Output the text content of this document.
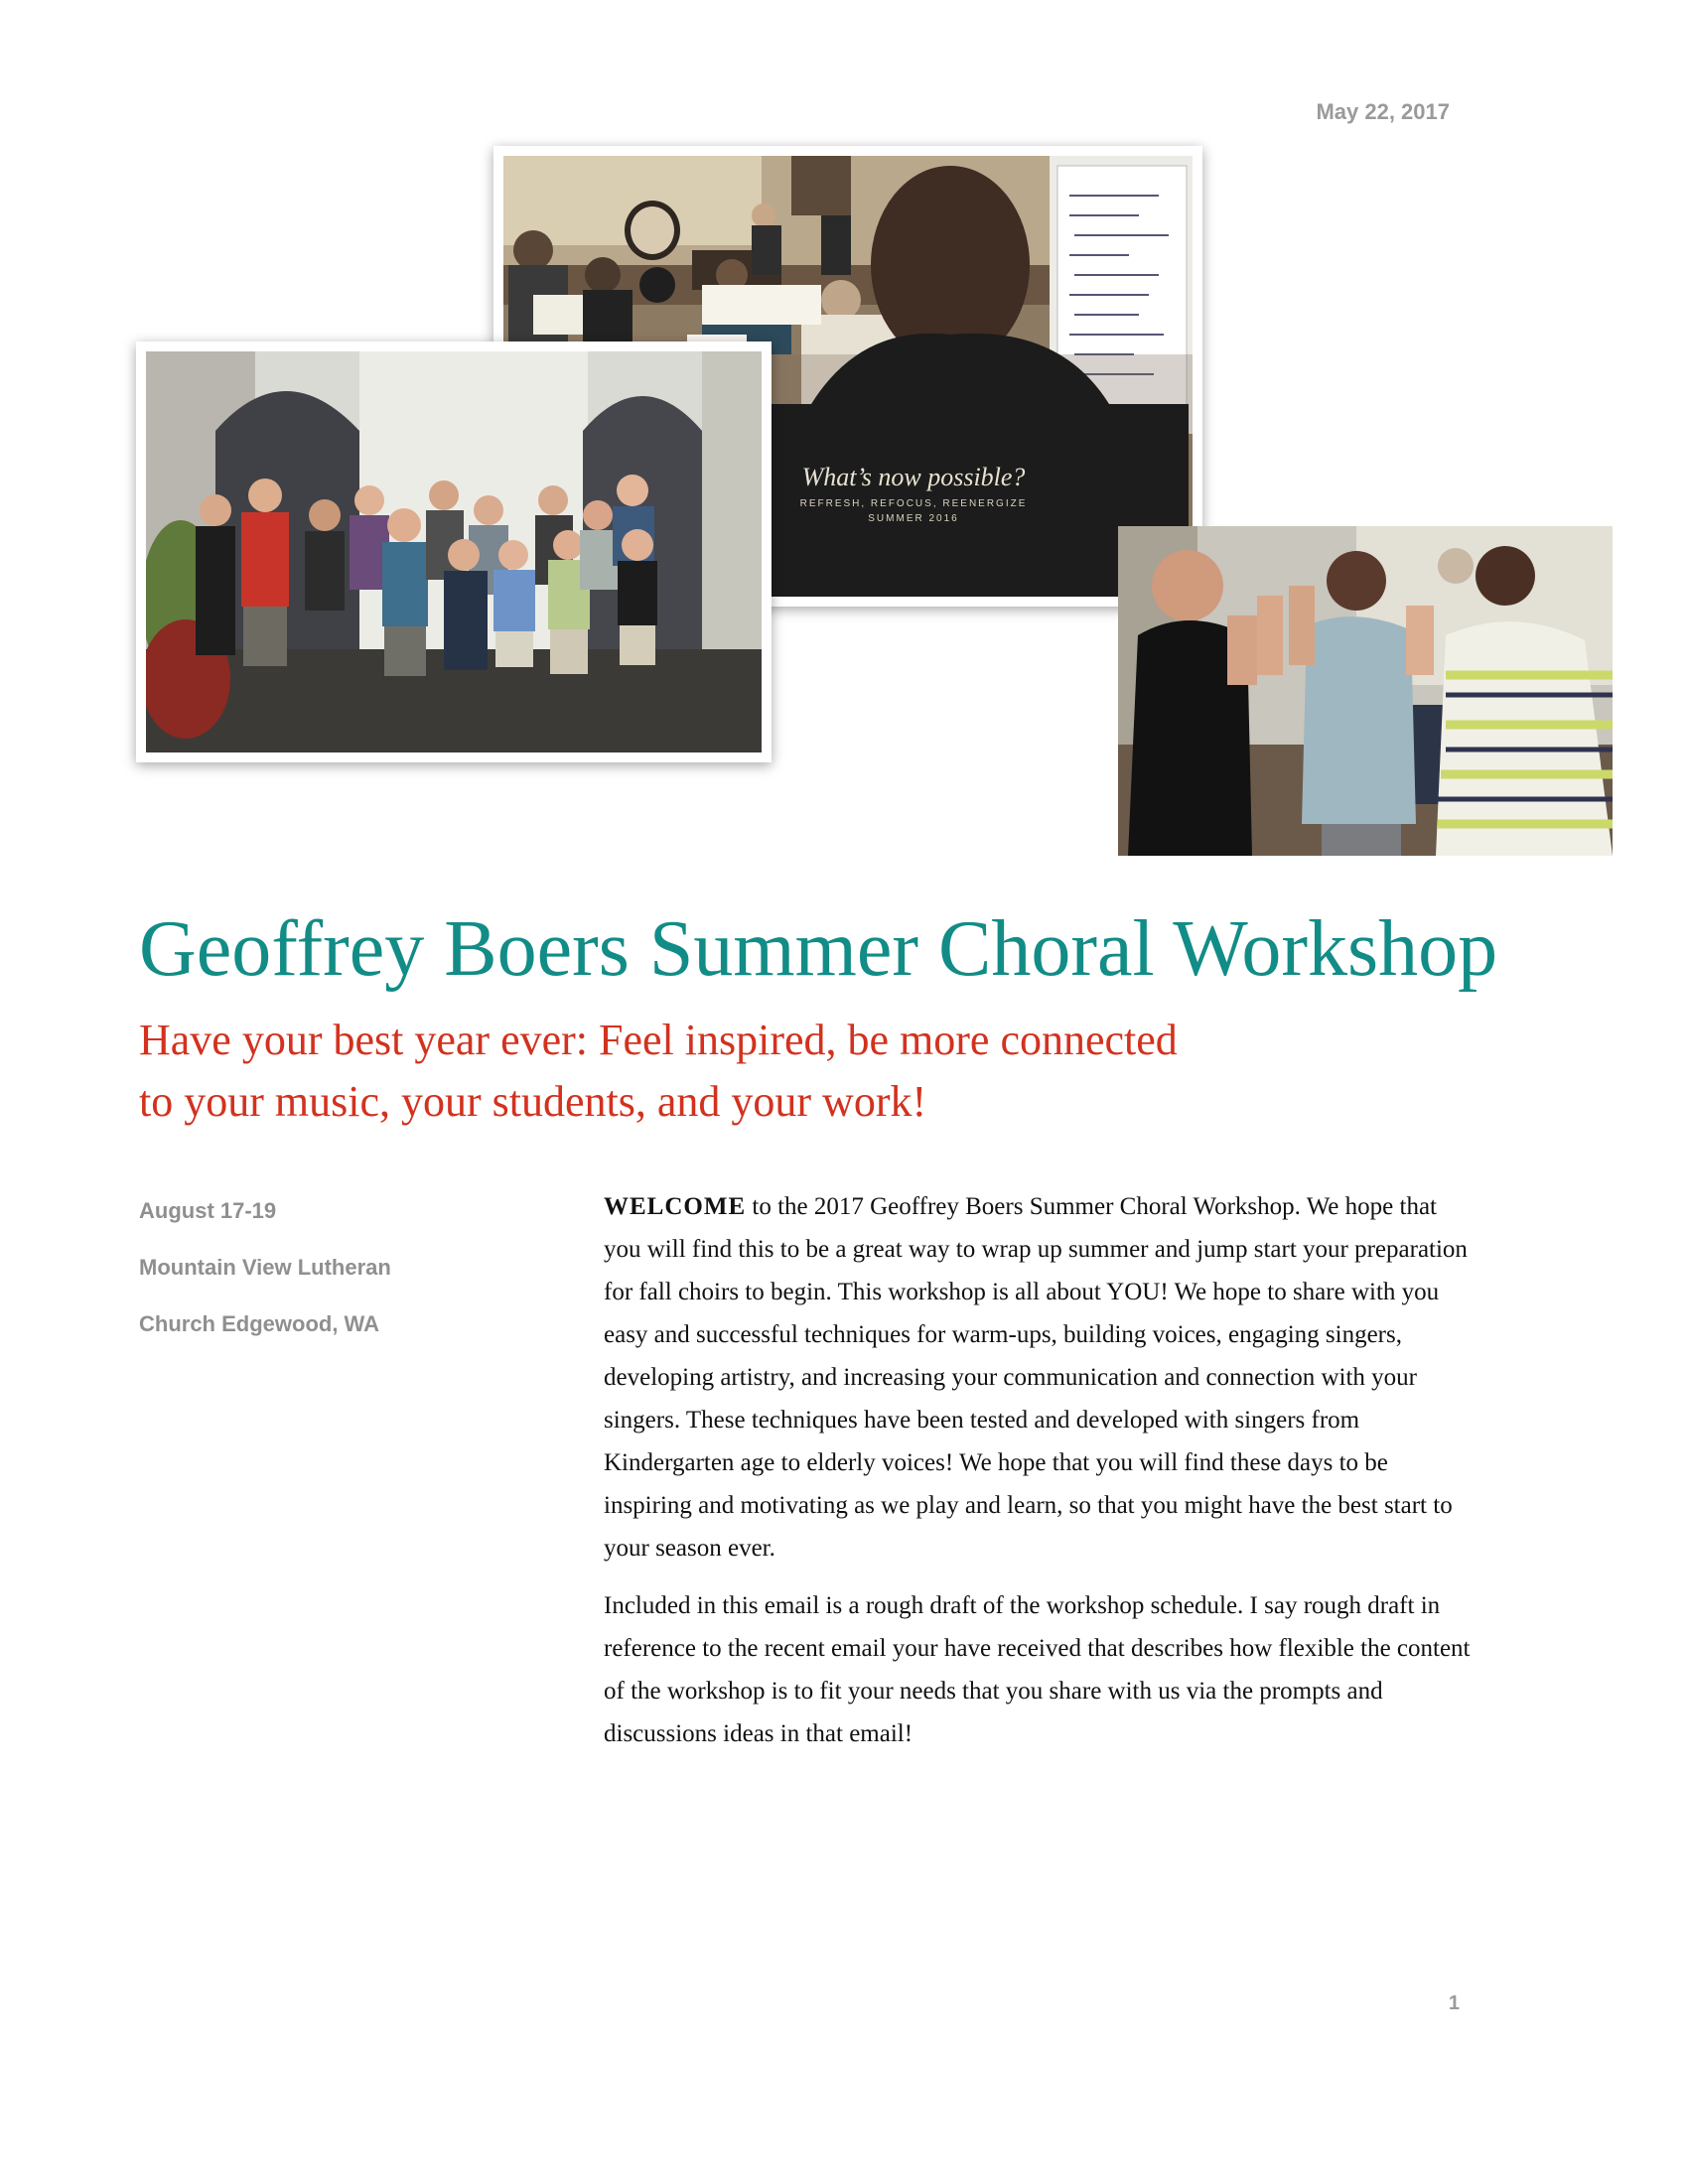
May 22, 2017
What’s now possible?
REFRESH, REFOCUS, REENERGIZE
SUMMER 2016
Geoffrey Boers Summer Choral Workshop
Have your best year ever: Feel inspired, be more connected
to your music, your students, and your work!
August 17-19
Mountain View Lutheran
Church Edgewood, WA

WELCOME to the 2017 Geoffrey Boers Summer Choral Workshop. We hope that you will find this to be a great way to wrap up summer and jump start your preparation for fall choirs to begin. This workshop is all about YOU! We hope to share with you easy and successful techniques for warm-ups, building voices, engaging singers, developing artistry, and increasing your communication and connection with your singers. These techniques have been tested and developed with singers from Kindergarten age to elderly voices! We hope that you will find these days to be inspiring and motivating as we play and learn, so that you might have the best start to your season ever.

Included in this email is a rough draft of the workshop schedule. I say rough draft in reference to the recent email your have received that describes how flexible the content of the workshop is to fit your needs that you share with us via the prompts and discussions ideas in that email!

1
